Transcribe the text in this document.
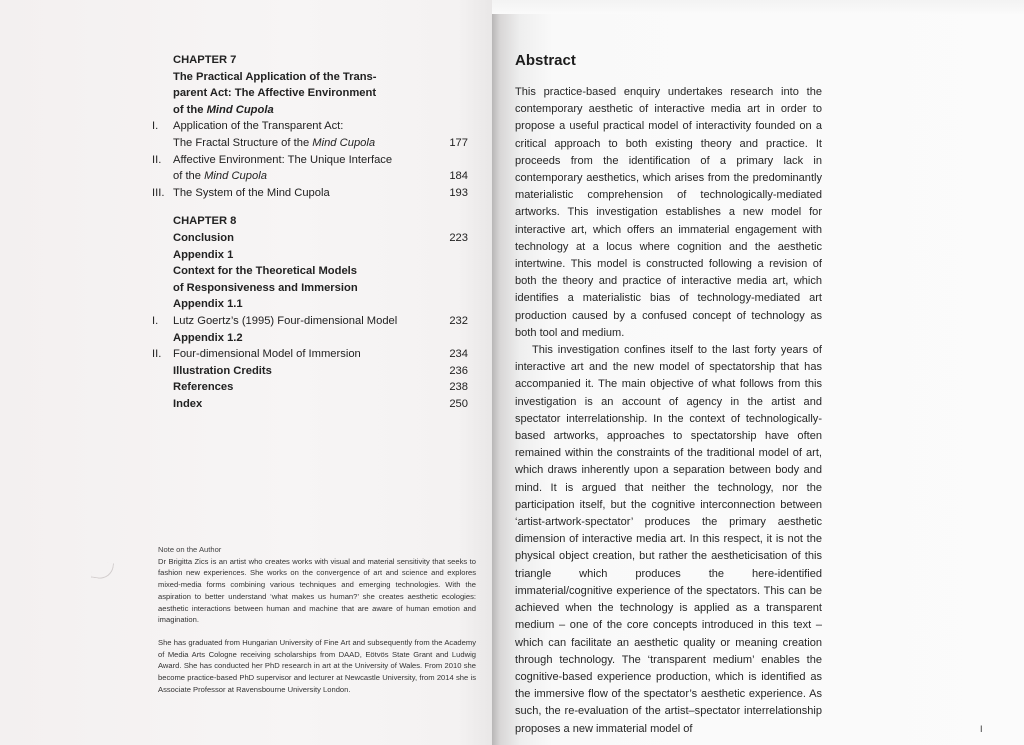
CHAPTER 7
The Practical Application of the Trans-
parent Act: The Affective Environment
of the Mind Cupola
I. Application of the Transparent Act:
The Fractal Structure of the Mind Cupola	177
II. Affective Environment: The Unique Interface
of the Mind Cupola	184
III. The System of the Mind Cupola	193
CHAPTER 8
Conclusion	223
Appendix 1
Context for the Theoretical Models
of Responsiveness and Immersion
Appendix 1.1
I. Lutz Goertz’s (1995) Four-dimensional Model	232
Appendix 1.2
II. Four-dimensional Model of Immersion	234
Illustration Credits	236
References	238
Index	250

Note on the Author

Dr Brigitta Zics is an artist who creates works with visual and material sensitivity that seeks to fashion new experiences. She works on the convergence of art and science and explores mixed-media forms combining various techniques and emerging technologies. With the aspiration to better understand ‘what makes us human?’ she creates aesthetic ecologies: aesthetic interactions between human and machine that are aware of human emotion and imagination.

She has graduated from Hungarian University of Fine Art and subsequently from the Academy of Media Arts Cologne receiving scholarships from DAAD, Eötvös State Grant and Ludwig Award. She has conducted her PhD research in art at the University of Wales. From 2010 she become practice-based PhD supervisor and lecturer at Newcastle University, from 2014 she is Associate Professor at Ravensbourne University London.

Abstract

This practice-based enquiry undertakes research into the contemporary aesthetic of interactive media art in order to propose a useful practical model of interactivity founded on a critical approach to both existing theory and practice. It proceeds from the identification of a primary lack in contemporary aesthetics, which arises from the predominantly materialistic comprehension of technologically-mediated artworks. This investigation establishes a new model for interactive art, which offers an immaterial engagement with technology at a locus where cognition and the aesthetic intertwine. This model is constructed following a revision of both the theory and practice of interactive media art, which identifies a materialistic bias of technology-mediated art production caused by a confused concept of technology as both tool and medium.

This investigation confines itself to the last forty years of interactive art and the new model of spectatorship that has accompanied it. The main objective of what follows from this investigation is an account of agency in the artist and spectator interrelationship. In the context of technologically-based artworks, approaches to spectatorship have often remained within the constraints of the traditional model of art, which draws inherently upon a separation between body and mind. It is argued that neither the technology, nor the participation itself, but the cognitive interconnection between ‘artist-artwork-spectator’ produces the primary aesthetic dimension of interactive media art. In this respect, it is not the physical object creation, but rather the aestheticisation of this triangle which produces the here-identified immaterial/cognitive experience of the spectators. This can be achieved when the technology is applied as a transparent medium – one of the core concepts introduced in this text – which can facilitate an aesthetic quality or meaning creation through technology. The ‘transparent medium’ enables the cognitive-based experience production, which is identified as the immersive flow of the spectator’s aesthetic experience. As such, the re-evaluation of the artist–spectator interrelationship proposes a new immaterial model of	I
